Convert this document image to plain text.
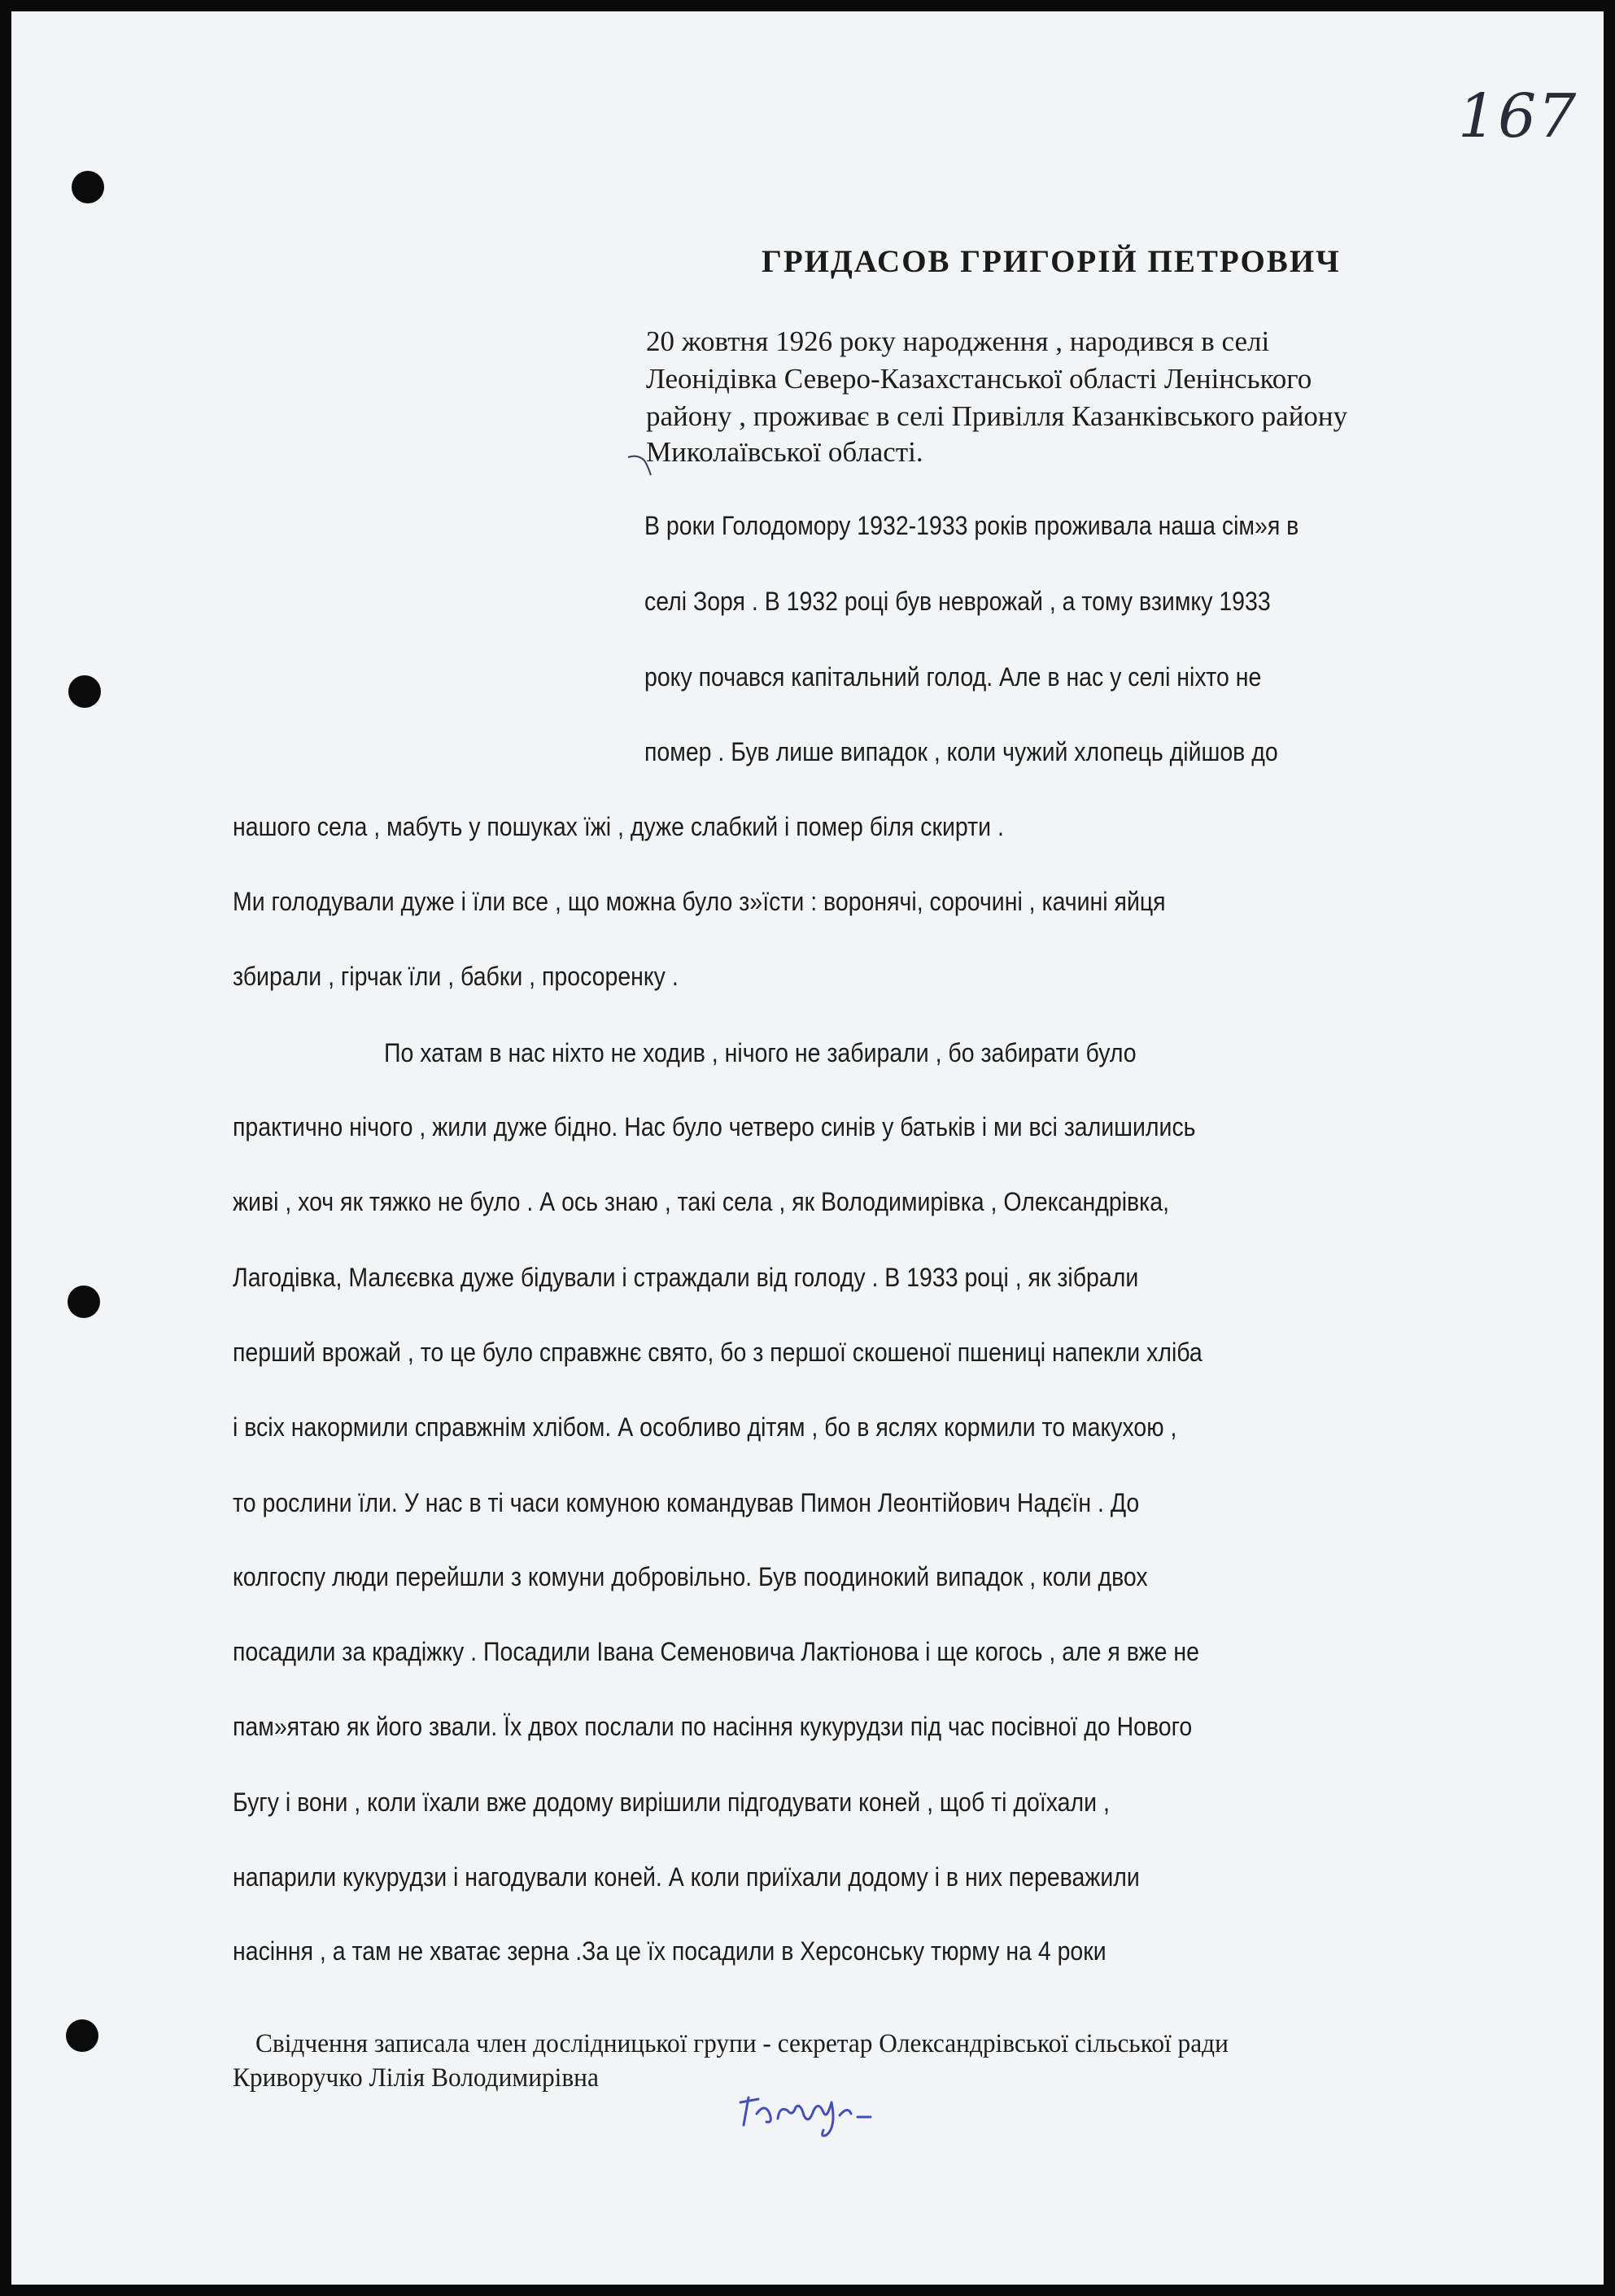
167
ГРИДАСОВ ГРИГОРІЙ ПЕТРОВИЧ
20 жовтня 1926 року народження , народився в селі
Леонідівка Северо-Казахстанської області Ленінського
району , проживає в селі Привілля Казанківського району
Миколаївської області.
В роки Голодомору 1932-1933 років проживала наша сім»я в
селі Зоря . В 1932 році був неврожай , а тому взимку 1933
року почався капітальний голод. Але в нас у селі ніхто не
помер . Був лише випадок , коли чужий хлопець дійшов до
нашого села , мабуть у пошуках їжі , дуже слабкий і помер біля скирти .
Ми голодували дуже і їли все , що можна було з»їсти : воронячі, сорочині , качині яйця
збирали , гірчак їли , бабки , просоренку .
По хатам в нас ніхто не ходив , нічого не забирали , бо забирати було
практично нічого , жили дуже бідно. Нас було четверо синів у батьків і ми всі залишились
живі , хоч як тяжко не було . А ось знаю , такі села , як Володимирівка , Олександрівка,
Лагодівка, Малєєвка дуже бідували і страждали від голоду . В 1933 році , як зібрали
перший врожай , то це було справжнє свято, бо з першої скошеної пшениці напекли хліба
і всіх накормили справжнім хлібом. А особливо дітям , бо в яслях кормили то макухою ,
то рослини їли. У нас в ті часи комуною командував Пимон Леонтійович Надєїн . До
колгоспу люди перейшли з комуни добровільно. Був поодинокий випадок , коли двох
посадили за крадіжку . Посадили Івана Семеновича Лактіонова і ще когось , але я вже не
пам»ятаю як його звали. Їх двох послали по насіння кукурудзи під час посівної до Нового
Бугу і вони , коли їхали вже додому вирішили підгодувати коней , щоб ті доїхали ,
напарили кукурудзи і нагодували коней. А коли приїхали додому і в них переважили
насіння , а там не хватає зерна .За це їх посадили в Херсонську тюрму на 4 роки
Свідчення записала член дослідницької групи - секретар Олександрівської сільської ради
Криворучко Лілія Володимирівна
